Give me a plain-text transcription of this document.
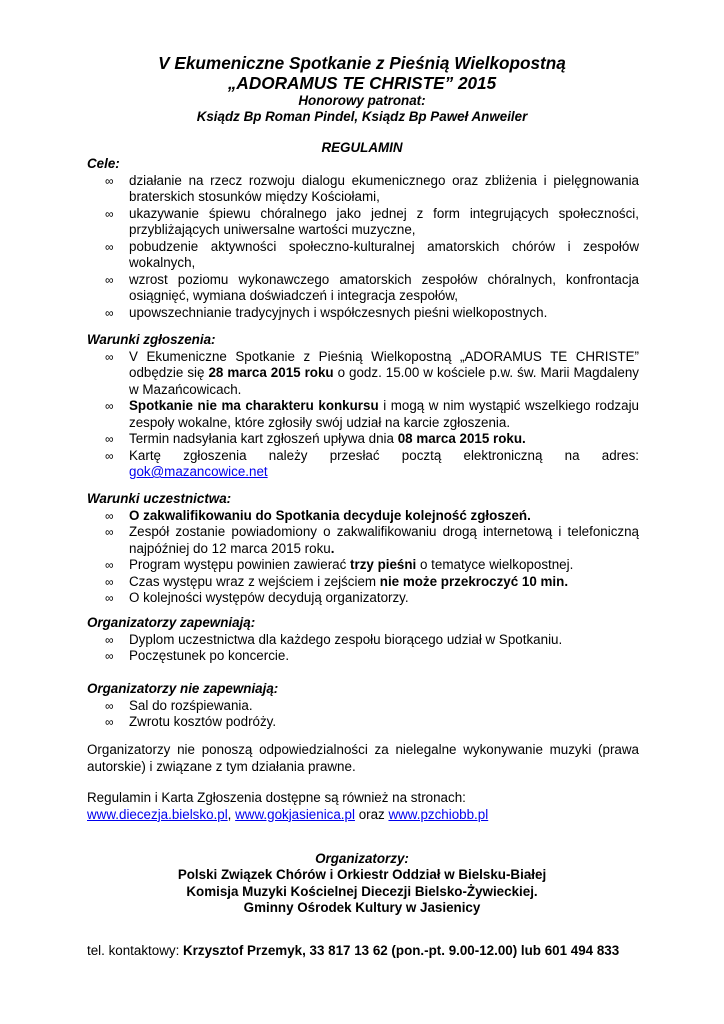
V Ekumeniczne Spotkanie z Pieśnią Wielkopostną
„ADORAMUS TE CHRISTE” 2015
Honorowy patronat:
Ksiądz Bp Roman Pindel, Ksiądz Bp Paweł Anweiler
REGULAMIN

Cele:

∞ działanie na rzecz rozwoju dialogu ekumenicznego oraz zbliżenia i pielęgnowania braterskich stosunków między Kościołami,
∞ ukazywanie śpiewu chóralnego jako jednej z form integrujących społeczności, przybliżających uniwersalne wartości muzyczne,
∞ pobudzenie aktywności społeczno-kulturalnej amatorskich chórów i zespołów wokalnych,
∞ wzrost poziomu wykonawczego amatorskich zespołów chóralnych, konfrontacja osiągnięć, wymiana doświadczeń i integracja zespołów,
∞ upowszechnianie tradycyjnych i współczesnych pieśni wielkopostnych.

Warunki zgłoszenia:

∞ V Ekumeniczne Spotkanie z Pieśnią Wielkopostną „ADORAMUS TE CHRISTE” odbędzie się 28 marca 2015 roku o godz. 15.00 w kościele p.w. św. Marii Magdaleny w Mazańcowicach.
∞ Spotkanie nie ma charakteru konkursu i mogą w nim wystąpić wszelkiego rodzaju zespoły wokalne, które zgłosiły swój udział na karcie zgłoszenia.
∞ Termin nadsyłania kart zgłoszeń upływa dnia 08 marca 2015 roku.
∞ Kartę zgłoszenia należy przesłać pocztą elektroniczną na adres:
gok@mazancowice.net

Warunki uczestnictwa:

∞ O zakwalifikowaniu do Spotkania decyduje kolejność zgłoszeń.
∞ Zespół zostanie powiadomiony o zakwalifikowaniu drogą internetową i telefoniczną najpóźniej do 12 marca 2015 roku.
∞ Program występu powinien zawierać trzy pieśni o tematyce wielkopostnej.
∞ Czas występu wraz z wejściem i zejściem nie może przekroczyć 10 min.
∞ O kolejności występów decydują organizatorzy.

Organizatorzy zapewniają:

∞ Dyplom uczestnictwa dla każdego zespołu biorącego udział w Spotkaniu.
∞ Poczęstunek po koncercie.

Organizatorzy nie zapewniają:

∞ Sal do rozśpiewania.
∞ Zwrotu kosztów podróży.
Organizatorzy nie ponoszą odpowiedzialności za nielegalne wykonywanie muzyki (prawa autorskie) i związane z tym działania prawne.
Regulamin i Karta Zgłoszenia dostępne są również na stronach:
www.diecezja.bielsko.pl, www.gokjasienica.pl oraz www.pzchiobb.pl
Organizatorzy:
Polski Związek Chórów i Orkiestr Oddział w Bielsku-Białej
Komisja Muzyki Kościelnej Diecezji Bielsko-Żywieckiej.
Gminny Ośrodek Kultury w Jasienicy
tel. kontaktowy: Krzysztof Przemyk, 33 817 13 62 (pon.-pt. 9.00-12.00) lub 601 494 833
